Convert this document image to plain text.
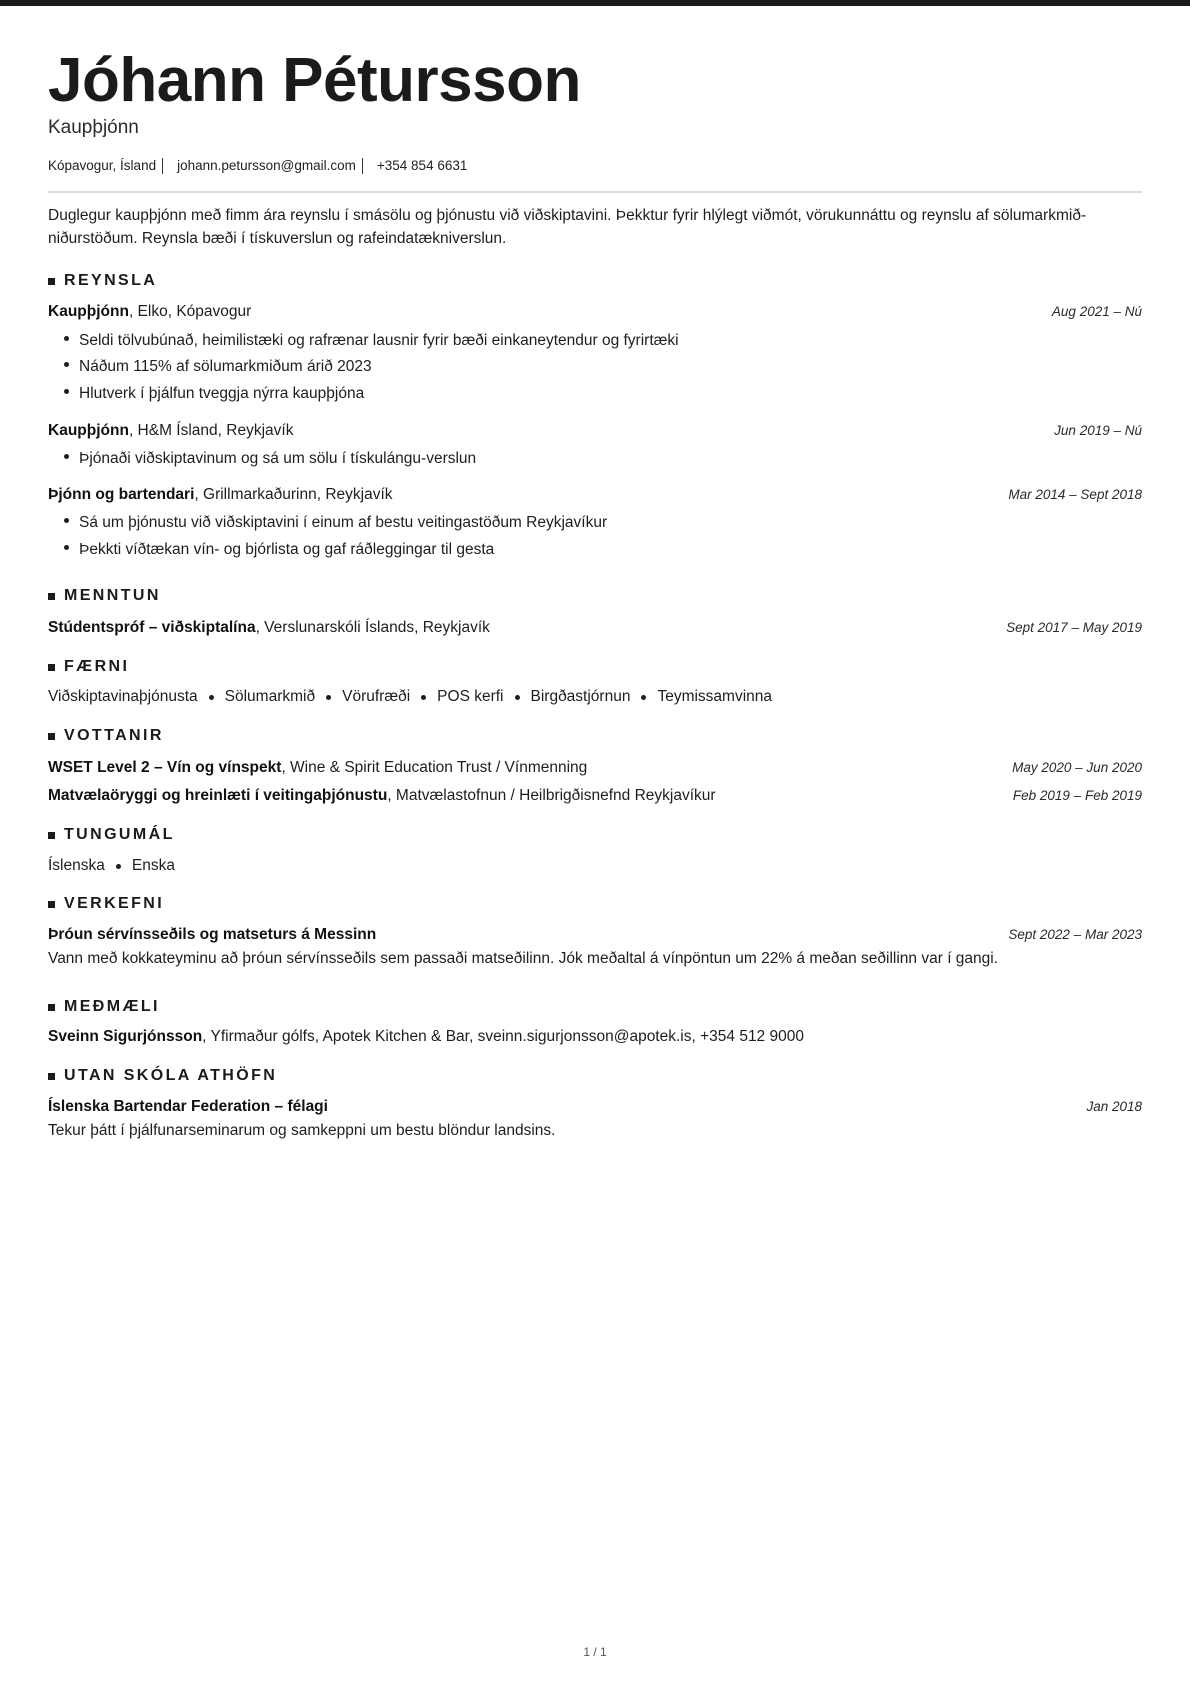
Jóhann Pétursson
Kaupþjónn
Kópavogur, Ísland johann.petursson@gmail.com +354 854 6631
Duglegur kaupþjónn með fimm ára reynslu í smásölu og þjónustu við viðskiptavini. Þekktur fyrir hlýlegt viðmót, vörukunnáttu og reynslu af sölumarkmið-niðurstöðum. Reynsla bæði í tískuverslun og rafeindatækniverslun.
REYNSLA
Kaupþjónn, Elko, Kópavogur	Aug 2021 – Nú
Seldi tölvubúnað, heimilistæki og rafrænar lausnir fyrir bæði einkaneytendur og fyrirtæki
Náðum 115% af sölumarkmiðum árið 2023
Hlutverk í þjálfun tveggja nýrra kaupþjóna
Kaupþjónn, H&M Ísland, Reykjavík	Jun 2019 – Nú
Þjónaði viðskiptavinum og sá um sölu í tískulángu-verslun
Þjónn og bartendari, Grillmarkaðurinn, Reykjavík	Mar 2014 – Sept 2018
Sá um þjónustu við viðskiptavini í einum af bestu veitingastöðum Reykjavíkur
Þekkti víðtækan vín- og bjórlista og gaf ráðleggingar til gesta
MENNTUN
Stúdentspróf – viðskiptalína, Verslunarskóli Íslands, Reykjavík	Sept 2017 – May 2019
FÆRNI
Viðskiptavinaþjónusta Sölumarkmið Vörufræði POS kerfi Birgðastjórnun Teymissamvinna
VOTTANIR
WSET Level 2 – Vín og vínspekt, Wine & Spirit Education Trust / Vínmenning	May 2020 – Jun 2020
Matvælaöryggi og hreinlæti í veitingaþjónustu, Matvælastofnun / Heilbrigðisnefnd Reykjavíkur	Feb 2019 – Feb 2019
TUNGUMÁL
Íslenska Enska
VERKEFNI
Þróun sérvínsseðils og matseturs á Messinn	Sept 2022 – Mar 2023
Vann með kokkateyminu að þróun sérvínsseðils sem passaði matseðilinn. Jók meðaltal á vínpöntun um 22% á meðan seðillinn var í gangi.
MEÐMÆLI
Sveinn Sigurjónsson, Yfirmaður gólfs, Apotek Kitchen & Bar, sveinn.sigurjonsson@apotek.is, +354 512 9000
UTAN SKÓLA ATHÖFN
Íslenska Bartendar Federation – félagi	Jan 2018
Tekur þátt í þjálfunarseminarum og samkeppni um bestu blöndur landsins.
1 / 1
